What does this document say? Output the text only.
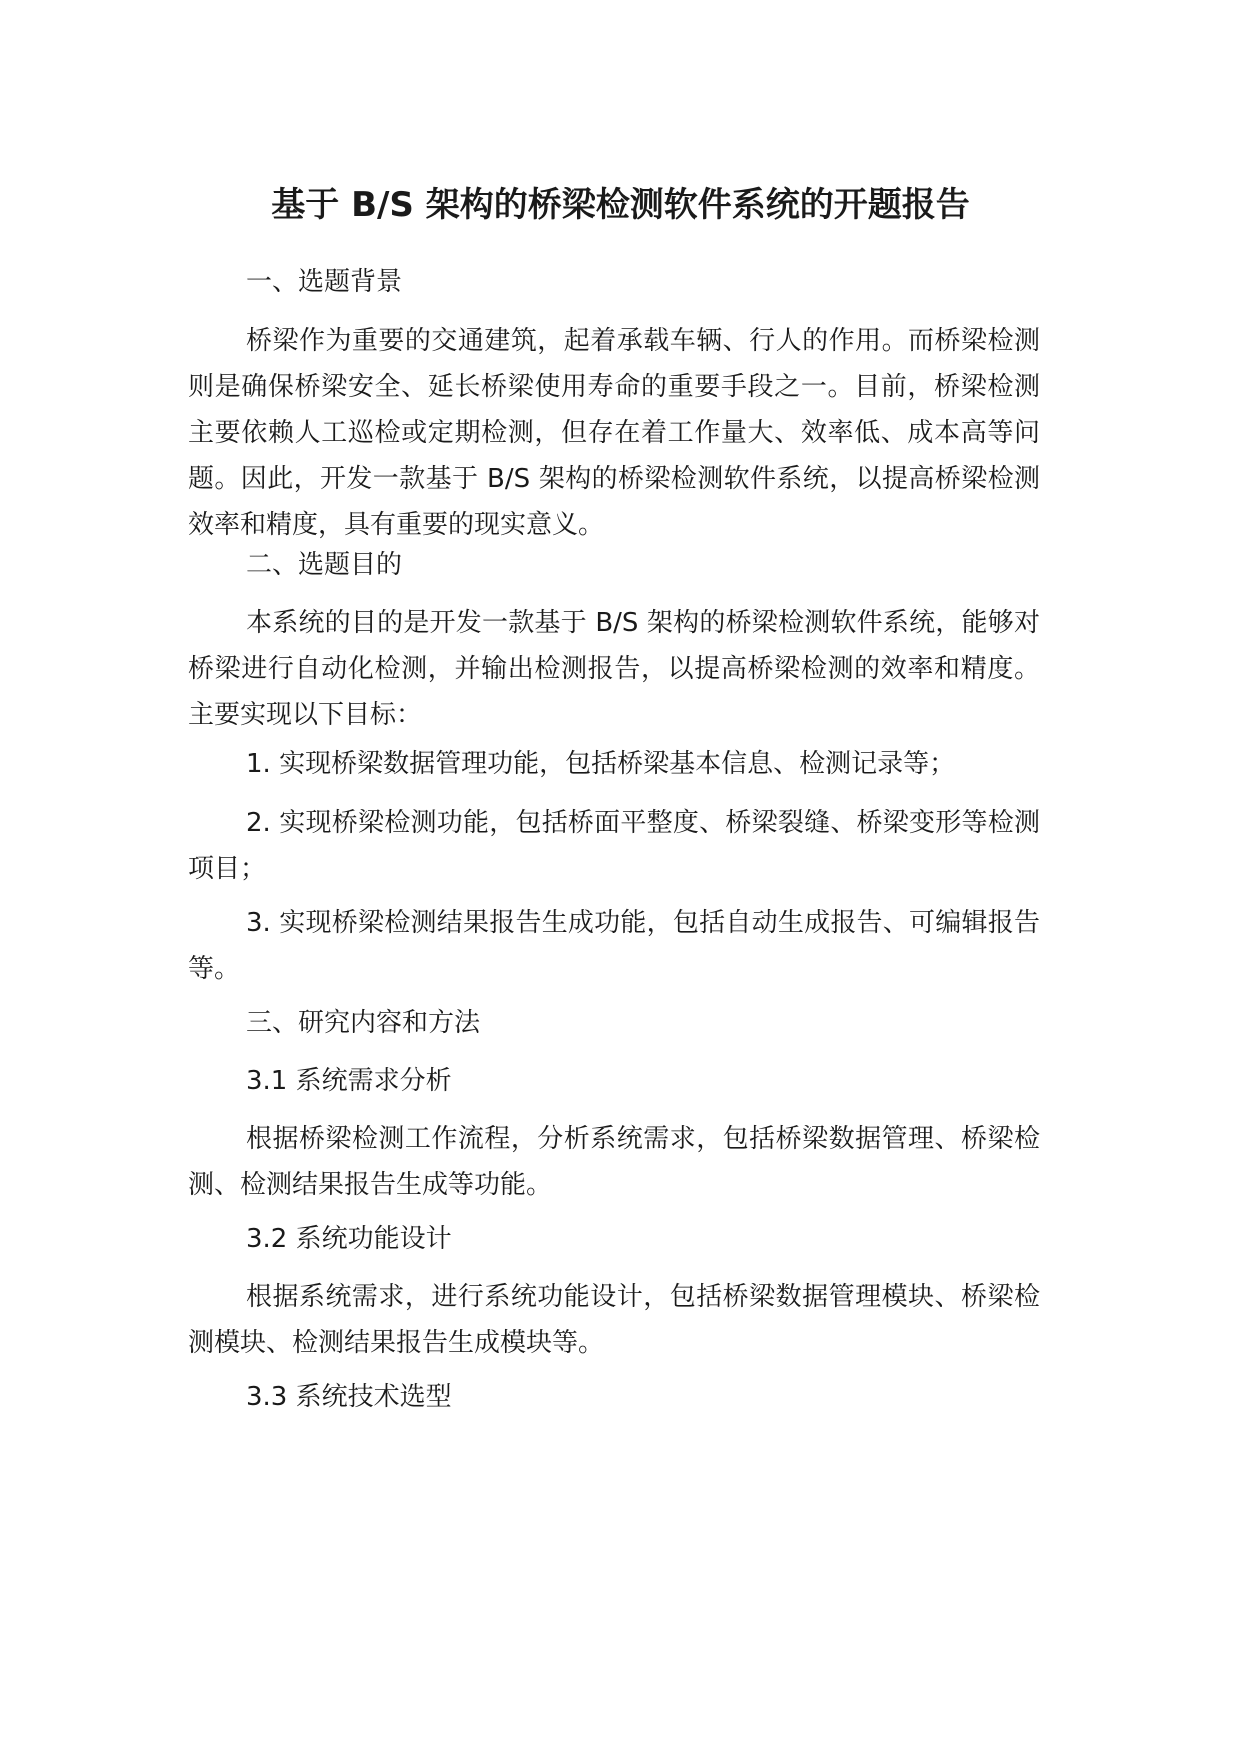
基于 B/S 架构的桥梁检测软件系统的开题报告

一、选题背景

桥梁作为重要的交通建筑，起着承载车辆、行人的作用。而桥梁检测则是确保桥梁安全、延长桥梁使用寿命的重要手段之一。目前，桥梁检测主要依赖人工巡检或定期检测，但存在着工作量大、效率低、成本高等问题。因此，开发一款基于 B/S 架构的桥梁检测软件系统，以提高桥梁检测效率和精度，具有重要的现实意义。

二、选题目的

本系统的目的是开发一款基于 B/S 架构的桥梁检测软件系统，能够对桥梁进行自动化检测，并输出检测报告，以提高桥梁检测的效率和精度。主要实现以下目标：

1. 实现桥梁数据管理功能，包括桥梁基本信息、检测记录等；

2. 实现桥梁检测功能，包括桥面平整度、桥梁裂缝、桥梁变形等检测项目；

3. 实现桥梁检测结果报告生成功能，包括自动生成报告、可编辑报告等。

三、研究内容和方法

3.1 系统需求分析

根据桥梁检测工作流程，分析系统需求，包括桥梁数据管理、桥梁检测、检测结果报告生成等功能。

3.2 系统功能设计

根据系统需求，进行系统功能设计，包括桥梁数据管理模块、桥梁检测模块、检测结果报告生成模块等。

3.3 系统技术选型
